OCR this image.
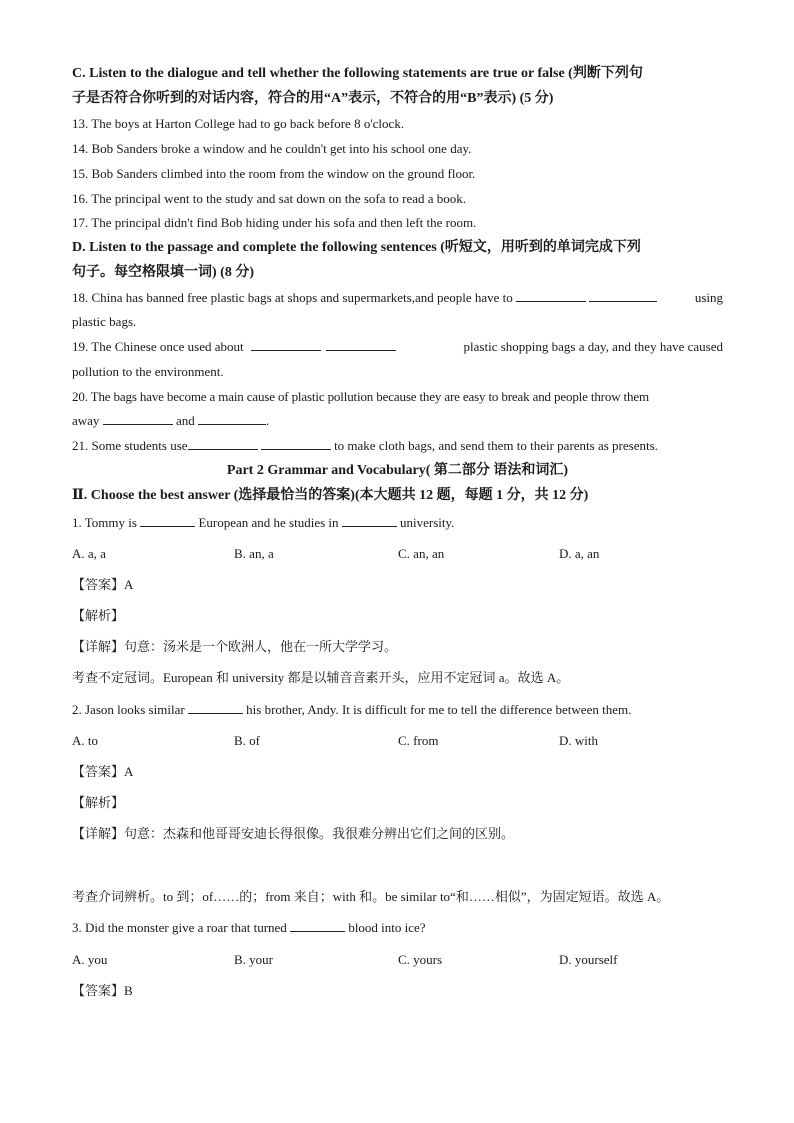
C. Listen to the dialogue and tell whether the following statements are true or false (判断下列句
子是否符合你听到的对话内容，符合的用“A”表示，不符合的用“B”表示) (5 分)
13. The boys at Harton College had to go back before 8 o'clock.
14. Bob Sanders broke a window and he couldn't get into his school one day.
15. Bob Sanders climbed into the room from the window on the ground floor.
16. The principal went to the study and sat down on the sofa to read a book.
17. The principal didn't find Bob hiding under his sofa and then left the room.
D. Listen to the passage and complete the following sentences (听短文，用听到的单词完成下列
句子。每空格限填一词) (8 分)
18. China has banned free plastic bags at shops and supermarkets,and people have to	using
plastic bags.
19. The Chinese once used about	plastic shopping bags a day, and they have caused
pollution to the environment.
20. The bags have become a main cause of plastic pollution because they are easy to break and people throw them
away	and	.
21. Some students use	to make cloth bags, and send them to their parents as presents.
Part 2 Grammar and Vocabulary( 第二部分 语法和词汇)
Ⅱ. Choose the best answer (选择最恰当的答案)(本大题共 12 题，每题 1 分，共 12 分)
1. Tommy is	European and he studies in	university.
A. a, a	B. an, a	C. an, an	D. a, an
【答案】A
【解析】
【详解】句意：汤米是一个欧洲人，他在一所大学学习。
考查不定冠词。European 和 university 都是以辅音音素开头，应用不定冠词 a。故选 A。
2. Jason looks similar	his brother, Andy. It is difficult for me to tell the difference between them.
A. to	B. of	C. from	D. with
【答案】A
【解析】
【详解】句意：杰森和他哥哥安迪长得很像。我很难分辨出它们之间的区别。
考查介词辨析。to 到；of……的；from 来自；with 和。be similar to“和……相似”，为固定短语。故选 A。
3. Did the monster give a roar that turned	blood into ice?
A. you	B. your	C. yours	D. yourself
【答案】B
